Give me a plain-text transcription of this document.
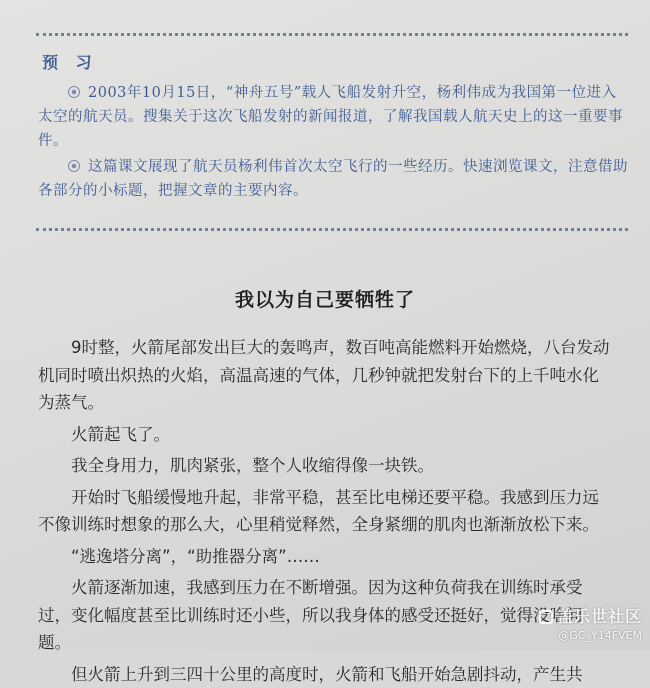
预 习
2003年10月15日，“神舟五号”载人飞船发射升空，杨利伟成为我国第一位进入太空的航天员。搜集关于这次飞船发射的新闻报道，了解我国载人航天史上的这一重要事件。
这篇课文展现了航天员杨利伟首次太空飞行的一些经历。快速浏览课文，注意借助各部分的小标题，把握文章的主要内容。
我以为自己要牺牲了

9时整，火箭尾部发出巨大的轰鸣声，数百吨高能燃料开始燃烧，八台发动机同时喷出炽热的火焰，高温高速的气体，几秒钟就把发射台下的上千吨水化为蒸气。

火箭起飞了。

我全身用力，肌肉紧张，整个人收缩得像一块铁。

开始时飞船缓慢地升起，非常平稳，甚至比电梯还要平稳。我感到压力远不像训练时想象的那么大，心里稍觉释然，全身紧绷的肌肉也渐渐放松下来。

“逃逸塔分离”，“助推器分离”……

火箭逐渐加速，我感到压力在不断增强。因为这种负荷我在训练时承受过，变化幅度甚至比训练时还小些，所以我身体的感受还挺好，觉得没啥问题。

但火箭上升到三四十公里的高度时，火箭和飞船开始急剧抖动，产生共

盖乐世社区
@GC_Y14FVEM
